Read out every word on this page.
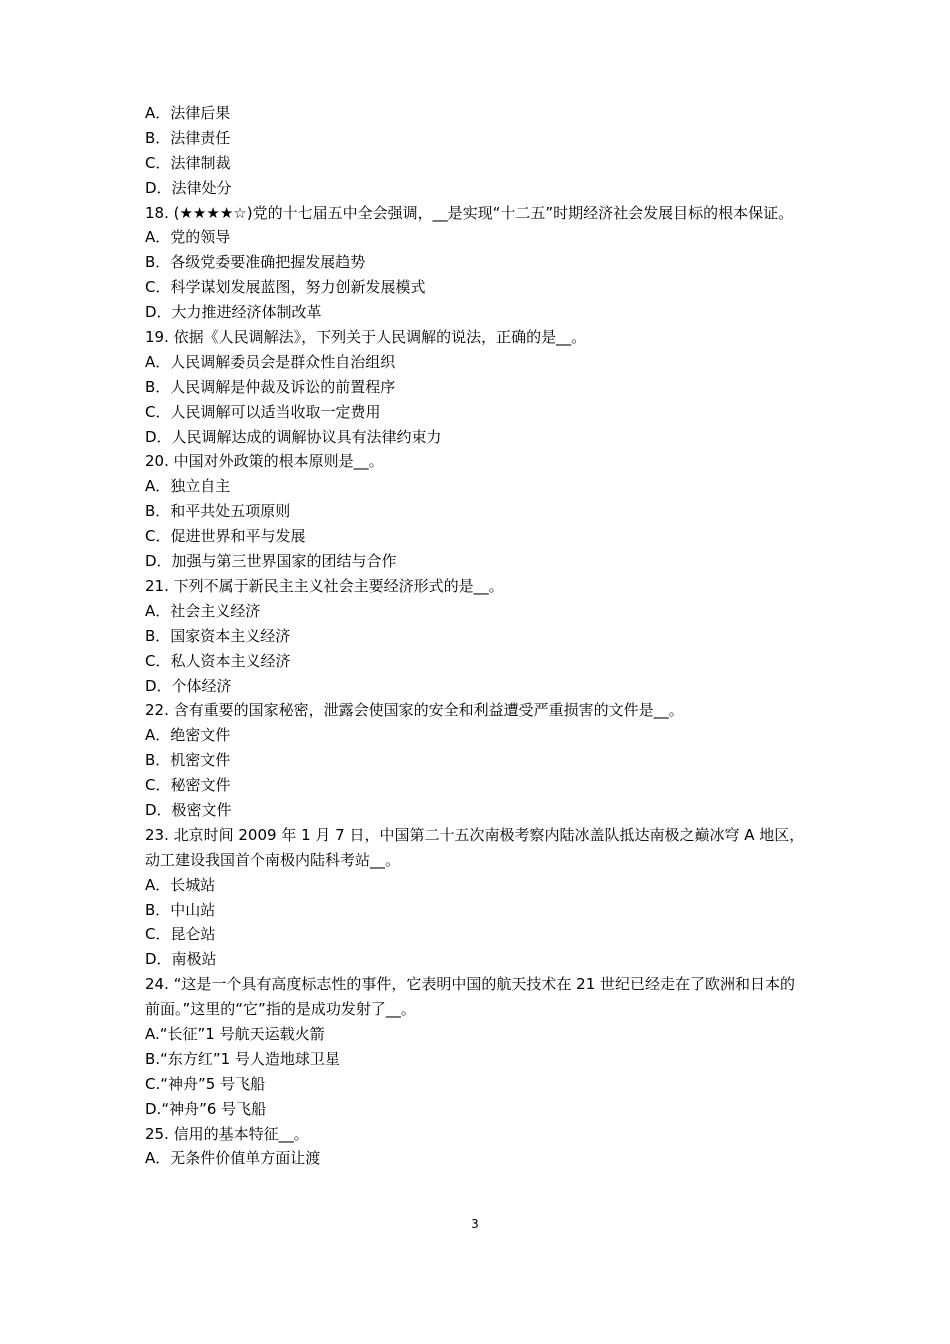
A．法律后果
B．法律责任
C．法律制裁
D．法律处分
18. (★★★★☆)党的十七届五中全会强调，__是实现“十二五”时期经济社会发展目标的根本保证。
A．党的领导
B．各级党委要准确把握发展趋势
C．科学谋划发展蓝图，努力创新发展模式
D．大力推进经济体制改革
19. 依据《人民调解法》，下列关于人民调解的说法，正确的是__。
A．人民调解委员会是群众性自治组织
B．人民调解是仲裁及诉讼的前置程序
C．人民调解可以适当收取一定费用
D．人民调解达成的调解协议具有法律约束力
20. 中国对外政策的根本原则是__。
A．独立自主
B．和平共处五项原则
C．促进世界和平与发展
D．加强与第三世界国家的团结与合作
21. 下列不属于新民主主义社会主要经济形式的是__。
A．社会主义经济
B．国家资本主义经济
C．私人资本主义经济
D．个体经济
22. 含有重要的国家秘密，泄露会使国家的安全和利益遭受严重损害的文件是__。
A．绝密文件
B．机密文件
C．秘密文件
D．极密文件
23. 北京时间 2009 年 1 月 7 日，中国第二十五次南极考察内陆冰盖队抵达南极之巅冰穹 A 地区，动工建设我国首个南极内陆科考站__。
A．长城站
B．中山站
C．昆仑站
D．南极站
24. “这是一个具有高度标志性的事件，它表明中国的航天技术在 21 世纪已经走在了欧洲和日本的前面。”这里的“它”指的是成功发射了__。
A.“长征”1 号航天运载火箭
B.“东方红”1 号人造地球卫星
C.“神舟”5 号飞船
D.“神舟”6 号飞船
25. 信用的基本特征__。
A．无条件价值单方面让渡
3
